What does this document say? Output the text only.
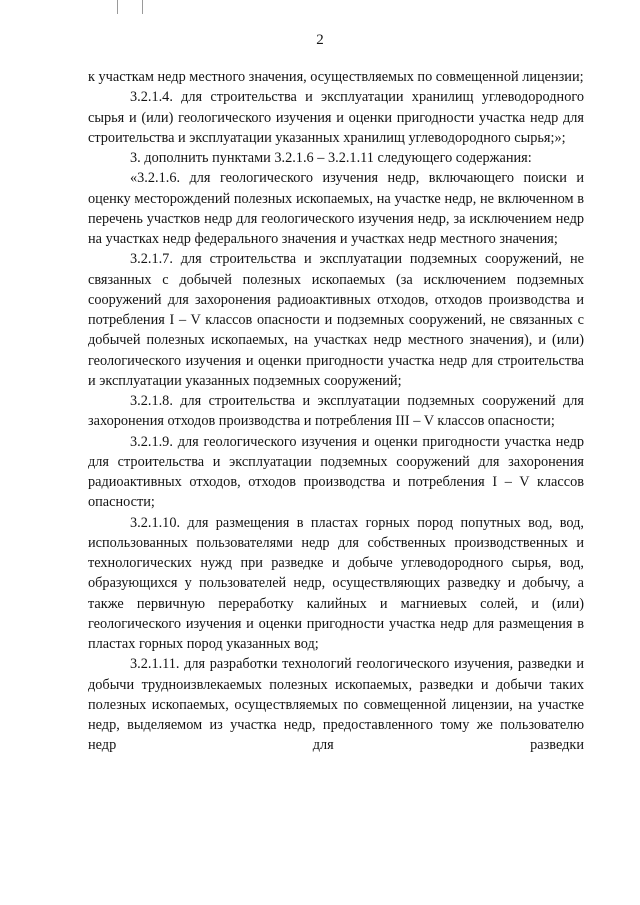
2

к участкам недр местного значения, осуществляемых по совмещенной лицензии;

3.2.1.4. для строительства и эксплуатации хранилищ углеводородного сырья и (или) геологического изучения и оценки пригодности участка недр для строительства и эксплуатации указанных хранилищ углеводородного сырья;»;

3. дополнить пунктами 3.2.1.6 – 3.2.1.11 следующего содержания:

«3.2.1.6. для геологического изучения недр, включающего поиски и оценку месторождений полезных ископаемых, на участке недр, не включенном в перечень участков недр для геологического изучения недр, за исключением недр на участках недр федерального значения и участках недр местного значения;

3.2.1.7. для строительства и эксплуатации подземных сооружений, не связанных с добычей полезных ископаемых (за исключением подземных сооружений для захоронения радиоактивных отходов, отходов производства и потребления I – V классов опасности и подземных сооружений, не связанных с добычей полезных ископаемых, на участках недр местного значения), и (или) геологического изучения и оценки пригодности участка недр для строительства и эксплуатации указанных подземных сооружений;

3.2.1.8. для строительства и эксплуатации подземных сооружений для захоронения отходов производства и потребления III – V классов опасности;

3.2.1.9. для геологического изучения и оценки пригодности участка недр для строительства и эксплуатации подземных сооружений для захоронения радиоактивных отходов, отходов производства и потребления I – V классов опасности;

3.2.1.10. для размещения в пластах горных пород попутных вод, вод, использованных пользователями недр для собственных производственных и технологических нужд при разведке и добыче углеводородного сырья, вод, образующихся у пользователей недр, осуществляющих разведку и добычу, а также первичную переработку калийных и магниевых солей, и (или) геологического изучения и оценки пригодности участка недр для размещения в пластах горных пород указанных вод;

3.2.1.11. для разработки технологий геологического изучения, разведки и добычи трудноизвлекаемых полезных ископаемых, разведки и добычи таких полезных ископаемых, осуществляемых по совмещенной лицензии, на участке недр, выделяемом из участка недр, предоставленного тому же пользователю недр для разведки
